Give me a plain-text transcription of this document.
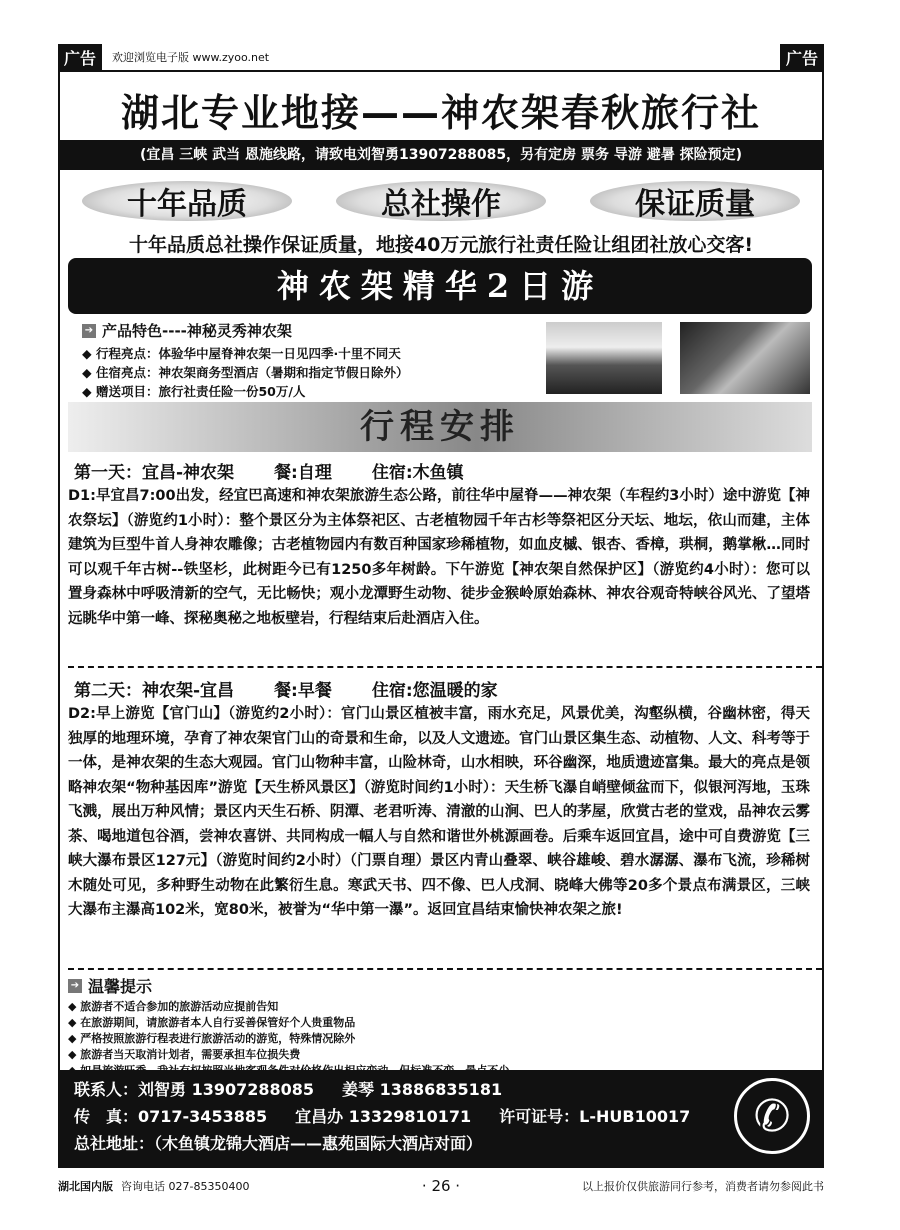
广告	欢迎浏览电子版 www.zyoo.net	广告
湖北专业地接——神农架春秋旅行社
(宜昌 三峡 武当 恩施线路，请致电刘智勇13907288085，另有定房 票务 导游 避暑 探险预定)
十年品质	总社操作	保证质量
十年品质总社操作保证质量，地接40万元旅行社责任险让组团社放心交客!
神农架精华2日游
➔ 产品特色----神秘灵秀神农架
◆ 行程亮点：体验华中屋脊神农架一日见四季·十里不同天
◆ 住宿亮点：神农架商务型酒店（暑期和指定节假日除外）
◆ 赠送项目：旅行社责任险一份50万/人
行程安排
第一天：宜昌-神农架 餐:自理 住宿:木鱼镇
D1:早宜昌7:00出发，经宜巴高速和神农架旅游生态公路，前往华中屋脊——神农架（车程约3小时）途中游览【神农祭坛】（游览约1小时）：整个景区分为主体祭祀区、古老植物园千年古杉等祭祀区分天坛、地坛，依山而建，主体建筑为巨型牛首人身神农雕像；古老植物园内有数百种国家珍稀植物，如血皮槭、银杏、香樟，珙桐，鹅掌楸…同时可以观千年古树--铁坚杉，此树距今已有1250多年树龄。下午游览【神农架自然保护区】（游览约4小时）：您可以置身森林中呼吸清新的空气，无比畅快；观小龙潭野生动物、徒步金猴岭原始森林、神农谷观奇特峡谷风光、了望塔远眺华中第一峰、探秘奥秘之地板壁岩，行程结束后赴酒店入住。
第二天：神农架-宜昌 餐:早餐 住宿:您温暖的家
D2:早上游览【官门山】（游览约2小时）：官门山景区植被丰富，雨水充足，风景优美，沟壑纵横，谷幽林密，得天独厚的地理环境，孕育了神农架官门山的奇景和生命，以及人文遗迹。官门山景区集生态、动植物、人文、科考等于一体，是神农架的生态大观园。官门山物种丰富，山险林奇，山水相映，环谷幽深，地质遗迹富集。最大的亮点是领略神农架“物种基因库”游览【天生桥风景区】（游览时间约1小时）：天生桥飞瀑自峭壁倾盆而下，似银河泻地，玉珠飞溅，展出万种风情；景区内天生石桥、阴潭、老君听涛、清澈的山涧、巴人的茅屋，欣赏古老的堂戏，品神农云雾茶、喝地道包谷酒，尝神农喜饼、共同构成一幅人与自然和谐世外桃源画卷。后乘车返回宜昌，途中可自费游览【三峡大瀑布景区127元】（游览时间约2小时）（门票自理）景区内青山叠翠、峡谷雄峻、碧水潺潺、瀑布飞流，珍稀树木随处可见，多种野生动物在此繁衍生息。寒武天书、四不像、巴人戌洞、晓峰大佛等20多个景点布满景区，三峡大瀑布主瀑高102米，宽80米，被誉为“华中第一瀑”。返回宜昌结束愉快神农架之旅!
➔ 温馨提示
◆ 旅游者不适合参加的旅游活动应提前告知
◆ 在旅游期间，请旅游者本人自行妥善保管好个人贵重物品
◆ 严格按照旅游行程表进行旅游活动的游览，特殊情况除外
◆ 旅游者当天取消计划者，需要承担车位损失费
联系人：刘智勇 13907288085 姜琴 13886835181
传　真：0717-3453885 宜昌办 13329810171 许可证号：L-HUB10017
总社地址：（木鱼镇龙锦大酒店——惠苑国际大酒店对面）
✆
湖北国内版 咨询电话 027-85350400	· 26 ·	以上报价仅供旅游同行参考，消费者请勿参阅此书
